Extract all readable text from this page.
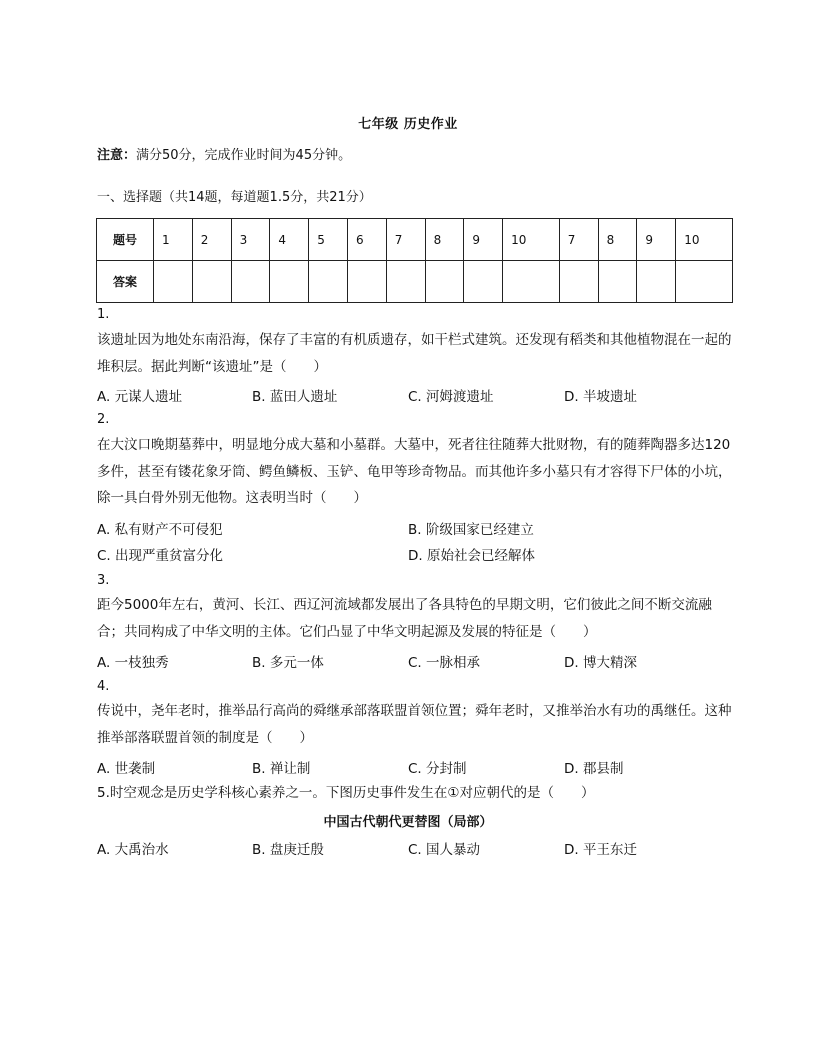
七年级 历史作业
注意：满分50分，完成作业时间为45分钟。
一、选择题（共14题，每道题1.5分，共21分）
题号	1	2	3	4	5	6	7	8	9	10	7	8	9	10
答案														
1.
该遗址因为地处东南沿海，保存了丰富的有机质遗存，如干栏式建筑。还发现有稻类和其他植物混在一起的堆积层。据此判断“该遗址”是（　　）
A. 元谋人遗址	B. 蓝田人遗址	C. 河姆渡遗址	D. 半坡遗址
2.
在大汶口晚期墓葬中，明显地分成大墓和小墓群。大墓中，死者往往随葬大批财物，有的随葬陶器多达120多件，甚至有镂花象牙筒、鳄鱼鳞板、玉铲、龟甲等珍奇物品。而其他许多小墓只有才容得下尸体的小坑，除一具白骨外别无他物。这表明当时（　　）
A. 私有财产不可侵犯	B. 阶级国家已经建立
C. 出现严重贫富分化	D. 原始社会已经解体
3.
距今5000年左右，黄河、长江、西辽河流域都发展出了各具特色的早期文明，它们彼此之间不断交流融合；共同构成了中华文明的主体。它们凸显了中华文明起源及发展的特征是（　　）
A. 一枝独秀	B. 多元一体	C. 一脉相承	D. 博大精深
4.
传说中，尧年老时，推举品行高尚的舜继承部落联盟首领位置；舜年老时，又推举治水有功的禹继任。这种推举部落联盟首领的制度是（　　）
A. 世袭制	B. 禅让制	C. 分封制	D. 郡县制
5.时空观念是历史学科核心素养之一。下图历史事件发生在①对应朝代的是（　　）
中国古代朝代更替图（局部）
A. 大禹治水	B. 盘庚迁殷	C. 国人暴动	D. 平王东迁
